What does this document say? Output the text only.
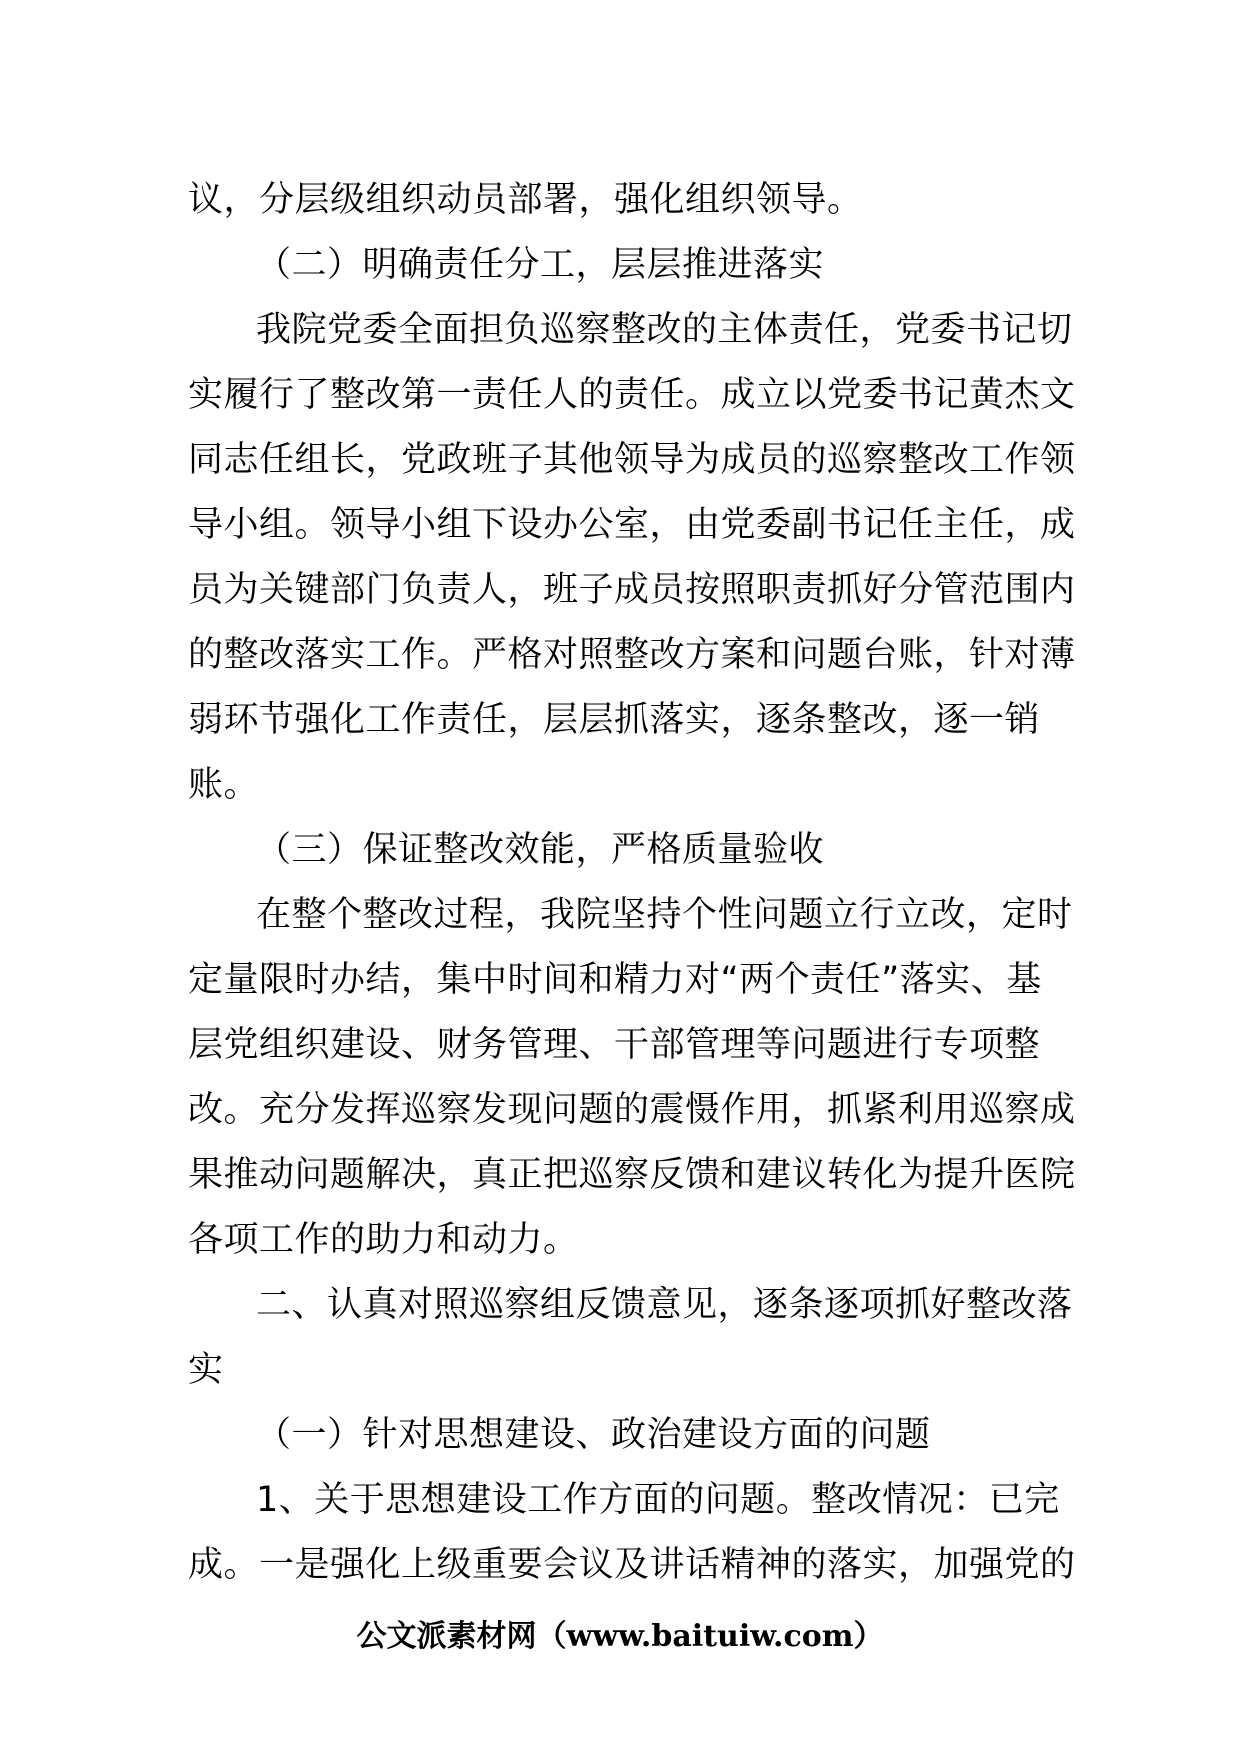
议，分层级组织动员部署，强化组织领导。
（二）明确责任分工，层层推进落实
我院党委全面担负巡察整改的主体责任，党委书记切
实履行了整改第一责任人的责任。成立以党委书记黄杰文
同志任组长，党政班子其他领导为成员的巡察整改工作领
导小组。领导小组下设办公室，由党委副书记任主任，成
员为关键部门负责人，班子成员按照职责抓好分管范围内
的整改落实工作。严格对照整改方案和问题台账，针对薄
弱环节强化工作责任，层层抓落实，逐条整改，逐一销
账。
（三）保证整改效能，严格质量验收
在整个整改过程，我院坚持个性问题立行立改，定时
定量限时办结，集中时间和精力对“两个责任”落实、基
层党组织建设、财务管理、干部管理等问题进行专项整
改。充分发挥巡察发现问题的震慑作用，抓紧利用巡察成
果推动问题解决，真正把巡察反馈和建议转化为提升医院
各项工作的助力和动力。
二、认真对照巡察组反馈意见，逐条逐项抓好整改落
实
（一）针对思想建设、政治建设方面的问题
1、关于思想建设工作方面的问题。整改情况：已完
成。一是强化上级重要会议及讲话精神的落实，加强党的
公文派素材网（www.baituiw.com）
